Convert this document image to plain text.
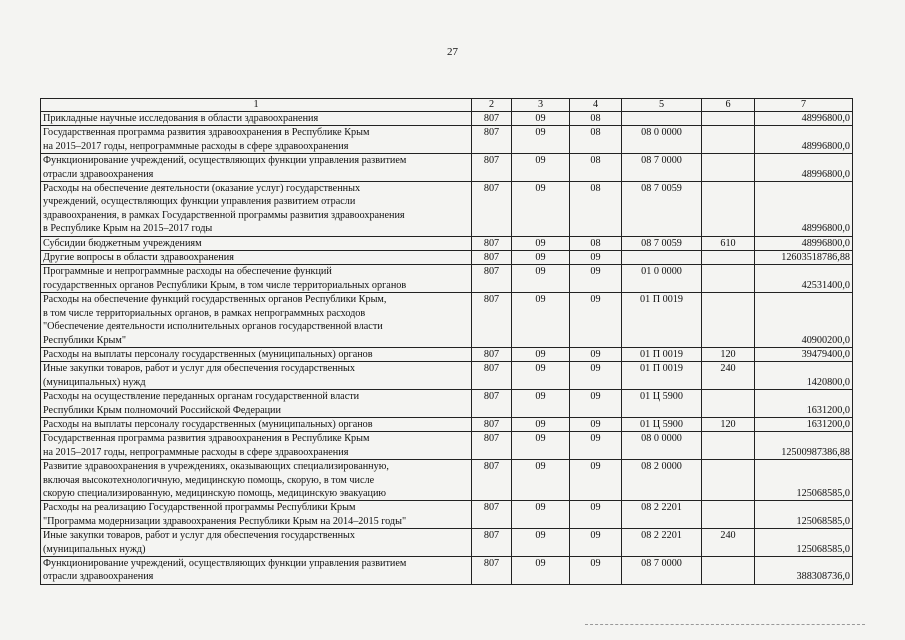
27
1	2	3	4	5	6	7
Прикладные научные исследования в области здравоохранения	807	09	08			48996800,0
Государственная программа развития здравоохранения в Республике Крым
на 2015–2017 годы, непрограммные расходы в сфере здравоохранения	807	09	08	08 0 0000		48996800,0
Функционирование учреждений, осуществляющих функции управления развитием
отрасли здравоохранения	807	09	08	08 7 0000		48996800,0
Расходы на обеспечение деятельности (оказание услуг) государственных
учреждений, осуществляющих функции управления развитием отрасли
здравоохранения, в рамках Государственной программы развития здравоохранения
в Республике Крым на 2015–2017 годы	807	09	08	08 7 0059		48996800,0
Субсидии бюджетным учреждениям	807	09	08	08 7 0059	610	48996800,0
Другие вопросы в области здравоохранения	807	09	09			12603518786,88
Программные и непрограммные расходы на обеспечение функций
государственных органов Республики Крым, в том числе территориальных органов	807	09	09	01 0 0000		42531400,0
Расходы на обеспечение функций государственных органов Республики Крым,
в том числе территориальных органов, в рамках непрограммных расходов
"Обеспечение деятельности исполнительных органов государственной власти
Республики Крым"	807	09	09	01 П 0019		40900200,0
Расходы на выплаты персоналу государственных (муниципальных) органов	807	09	09	01 П 0019	120	39479400,0
Иные закупки товаров, работ и услуг для обеспечения государственных
(муниципальных) нужд	807	09	09	01 П 0019	240	1420800,0
Расходы на осуществление переданных органам государственной власти
Республики Крым полномочий Российской Федерации	807	09	09	01 Ц 5900		1631200,0
Расходы на выплаты персоналу государственных (муниципальных) органов	807	09	09	01 Ц 5900	120	1631200,0
Государственная программа развития здравоохранения в Республике Крым
на 2015–2017 годы, непрограммные расходы в сфере здравоохранения	807	09	09	08 0 0000		12500987386,88
Развитие здравоохранения в учреждениях, оказывающих специализированную,
включая высокотехнологичную, медицинскую помощь, скорую, в том числе
скорую специализированную, медицинскую помощь, медицинскую эвакуацию	807	09	09	08 2 0000		125068585,0
Расходы на реализацию Государственной программы Республики Крым
"Программа модернизации здравоохранения Республики Крым на 2014–2015 годы"	807	09	09	08 2 2201		125068585,0
Иные закупки товаров, работ и услуг для обеспечения государственных
(муниципальных нужд)	807	09	09	08 2 2201	240	125068585,0
Функционирование учреждений, осуществляющих функции управления развитием
отрасли здравоохранения	807	09	09	08 7 0000		388308736,0
